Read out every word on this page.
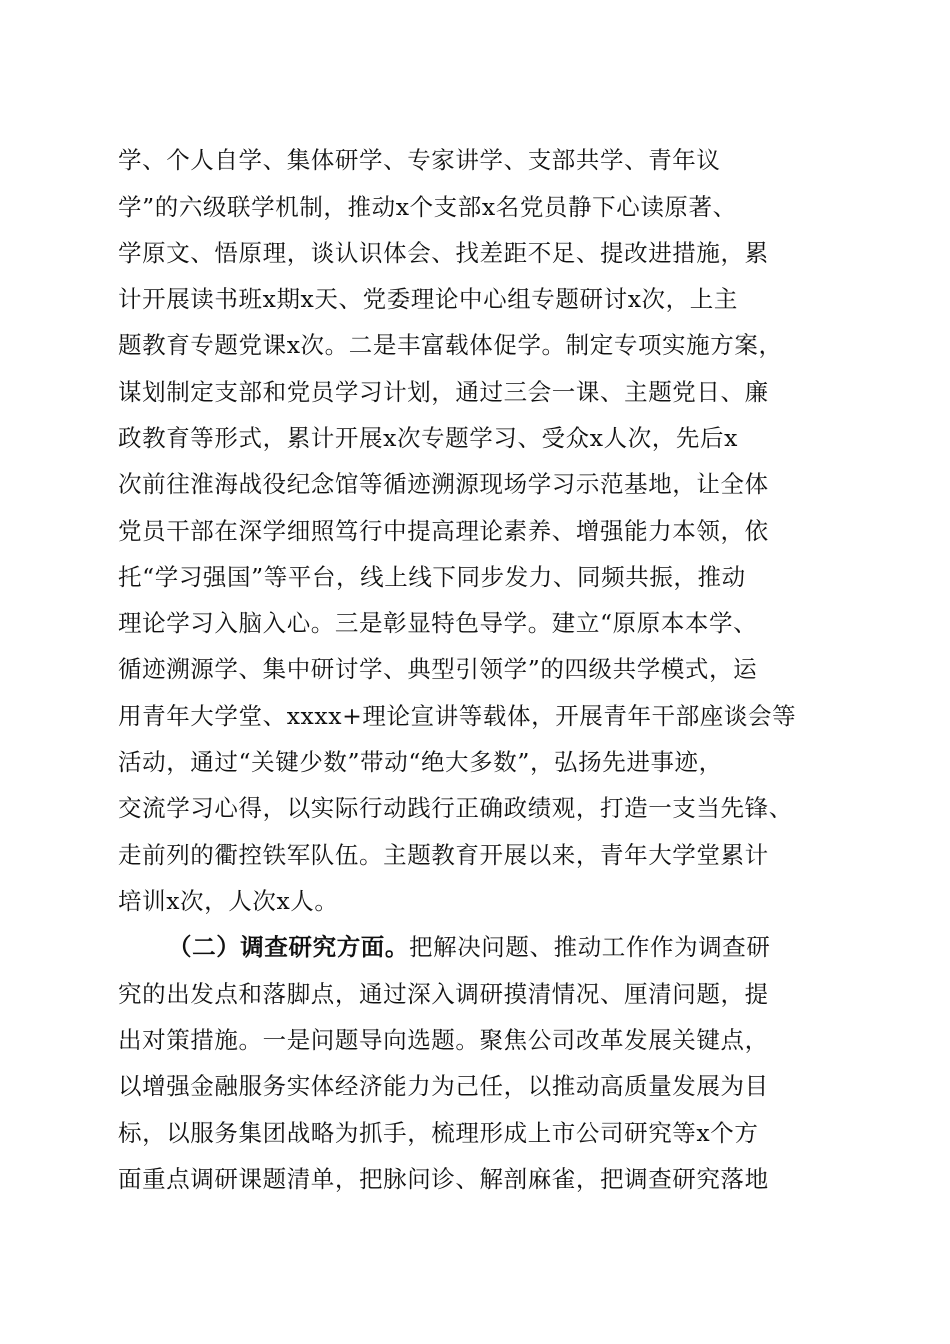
学、个人自学、集体研学、专家讲学、支部共学、青年议
学”的六级联学机制，推动x个支部x名党员静下心读原著、
学原文、悟原理，谈认识体会、找差距不足、提改进措施，累
计开展读书班x期x天、党委理论中心组专题研讨x次，上主
题教育专题党课x次。二是丰富载体促学。制定专项实施方案，
谋划制定支部和党员学习计划，通过三会一课、主题党日、廉
政教育等形式，累计开展x次专题学习、受众x人次，先后x
次前往淮海战役纪念馆等循迹溯源现场学习示范基地，让全体
党员干部在深学细照笃行中提高理论素养、增强能力本领，依
托“学习强国”等平台，线上线下同步发力、同频共振，推动
理论学习入脑入心。三是彰显特色导学。建立“原原本本学、
循迹溯源学、集中研讨学、典型引领学”的四级共学模式，运
用青年大学堂、xxxx+理论宣讲等载体，开展青年干部座谈会等
活动，通过“关键少数”带动“绝大多数”，弘扬先进事迹，
交流学习心得，以实际行动践行正确政绩观，打造一支当先锋、
走前列的衢控铁军队伍。主题教育开展以来，青年大学堂累计
培训x次，人次x人。
（二）调查研究方面。把解决问题、推动工作作为调查研
究的出发点和落脚点，通过深入调研摸清情况、厘清问题，提
出对策措施。一是问题导向选题。聚焦公司改革发展关键点，
以增强金融服务实体经济能力为己任，以推动高质量发展为目
标，以服务集团战略为抓手，梳理形成上市公司研究等x个方
面重点调研课题清单，把脉问诊、解剖麻雀，把调查研究落地
